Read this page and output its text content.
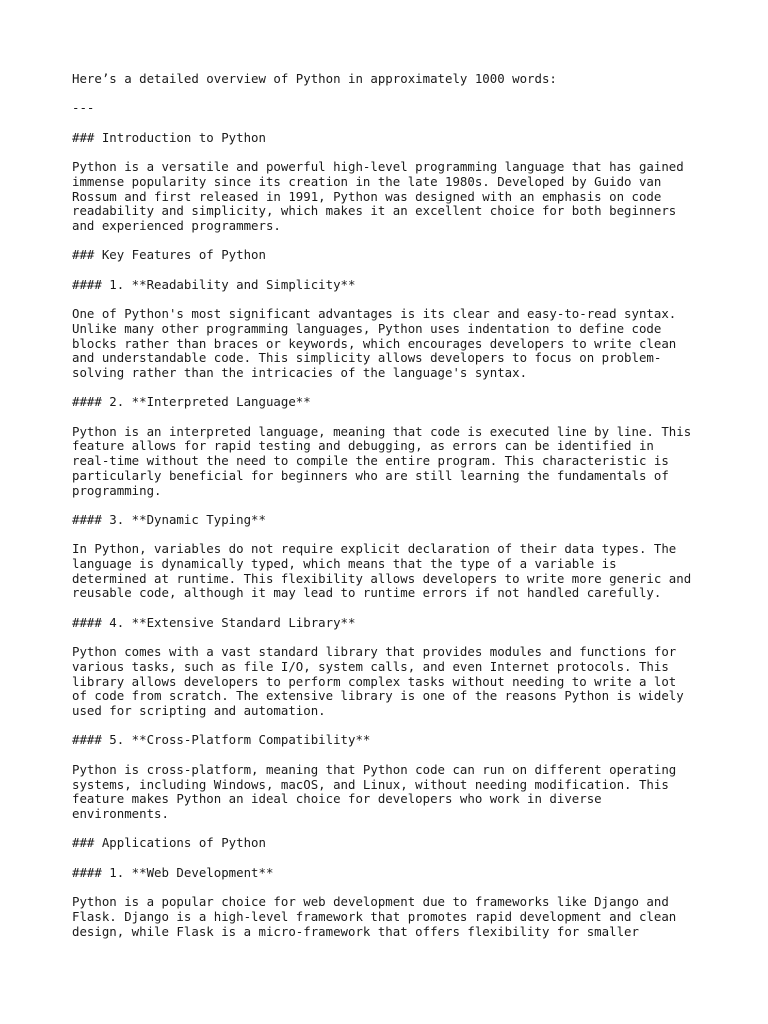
Here’s a detailed overview of Python in approximately 1000 words:

---

### Introduction to Python

Python is a versatile and powerful high-level programming language that has gained
immense popularity since its creation in the late 1980s. Developed by Guido van
Rossum and first released in 1991, Python was designed with an emphasis on code
readability and simplicity, which makes it an excellent choice for both beginners
and experienced programmers.

### Key Features of Python

#### 1. **Readability and Simplicity**

One of Python's most significant advantages is its clear and easy-to-read syntax.
Unlike many other programming languages, Python uses indentation to define code
blocks rather than braces or keywords, which encourages developers to write clean
and understandable code. This simplicity allows developers to focus on problem-
solving rather than the intricacies of the language's syntax.

#### 2. **Interpreted Language**

Python is an interpreted language, meaning that code is executed line by line. This
feature allows for rapid testing and debugging, as errors can be identified in
real-time without the need to compile the entire program. This characteristic is
particularly beneficial for beginners who are still learning the fundamentals of
programming.

#### 3. **Dynamic Typing**

In Python, variables do not require explicit declaration of their data types. The
language is dynamically typed, which means that the type of a variable is
determined at runtime. This flexibility allows developers to write more generic and
reusable code, although it may lead to runtime errors if not handled carefully.

#### 4. **Extensive Standard Library**

Python comes with a vast standard library that provides modules and functions for
various tasks, such as file I/O, system calls, and even Internet protocols. This
library allows developers to perform complex tasks without needing to write a lot
of code from scratch. The extensive library is one of the reasons Python is widely
used for scripting and automation.

#### 5. **Cross-Platform Compatibility**

Python is cross-platform, meaning that Python code can run on different operating
systems, including Windows, macOS, and Linux, without needing modification. This
feature makes Python an ideal choice for developers who work in diverse
environments.

### Applications of Python

#### 1. **Web Development**

Python is a popular choice for web development due to frameworks like Django and
Flask. Django is a high-level framework that promotes rapid development and clean
design, while Flask is a micro-framework that offers flexibility for smaller
